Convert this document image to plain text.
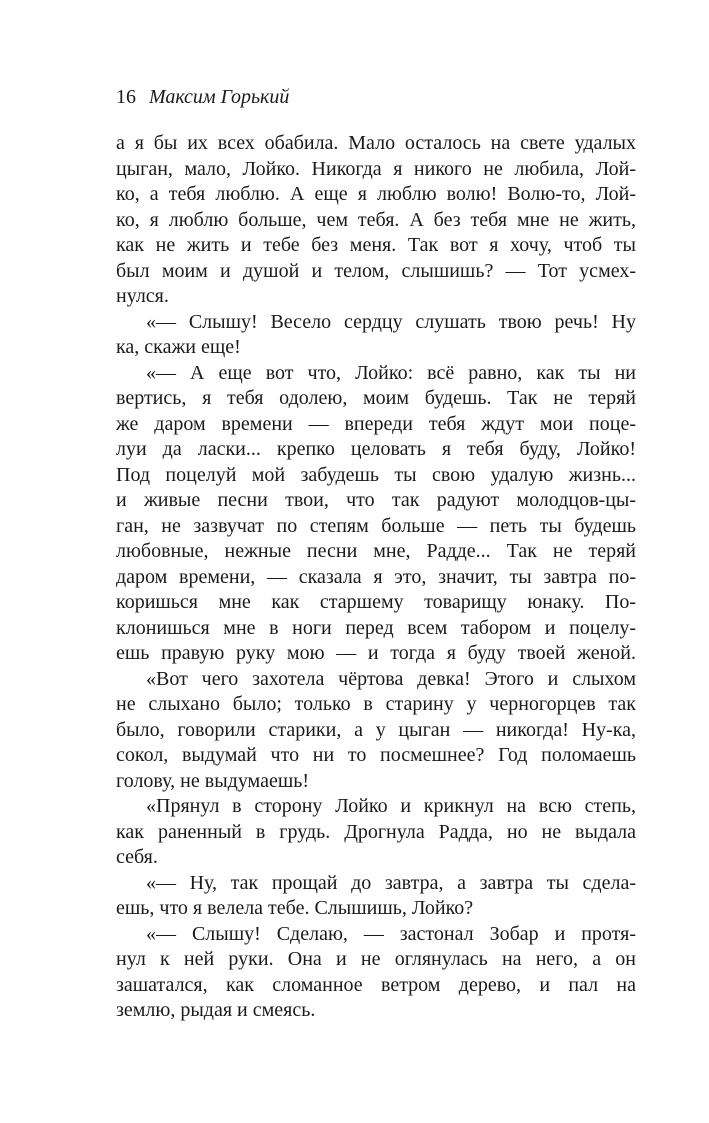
16 Максим Горький
а я бы их всех обабила. Мало осталось на свете удалых
цыган, мало, Лойко. Никогда я никого не любила, Лой-
ко, а тебя люблю. А еще я люблю волю! Волю-то, Лой-
ко, я люблю больше, чем тебя. А без тебя мне не жить,
как не жить и тебе без меня. Так вот я хочу, чтоб ты
был моим и душой и телом, слышишь? — Тот усмех-
нулся.
«— Слышу! Весело сердцу слушать твою речь! Ну
ка, скажи еще!
«— А еще вот что, Лойко: всё равно, как ты ни
вертись, я тебя одолею, моим будешь. Так не теряй
же даром времени — впереди тебя ждут мои поце-
луи да ласки... крепко целовать я тебя буду, Лойко!
Под поцелуй мой забудешь ты свою удалую жизнь...
и живые песни твои, что так радуют молодцов-цы-
ган, не зазвучат по степям больше — петь ты будешь
любовные, нежные песни мне, Радде... Так не теряй
даром времени, — сказала я это, значит, ты завтра по-
коришься мне как старшему товарищу юнаку. По-
клонишься мне в ноги перед всем табором и поцелу-
ешь правую руку мою — и тогда я буду твоей женой.
«Вот чего захотела чёртова девка! Этого и слыхом
не слыхано было; только в старину у черногорцев так
было, говорили старики, а у цыган — никогда! Ну-ка,
сокол, выдумай что ни то посмешнее? Год поломаешь
голову, не выдумаешь!
«Прянул в сторону Лойко и крикнул на всю степь,
как раненный в грудь. Дрогнула Радда, но не выдала
себя.
«— Ну, так прощай до завтра, а завтра ты сдела-
ешь, что я велела тебе. Слышишь, Лойко?
«— Слышу! Сделаю, — застонал Зобар и протя-
нул к ней руки. Она и не оглянулась на него, а он
зашатался, как сломанное ветром дерево, и пал на
землю, рыдая и смеясь.
